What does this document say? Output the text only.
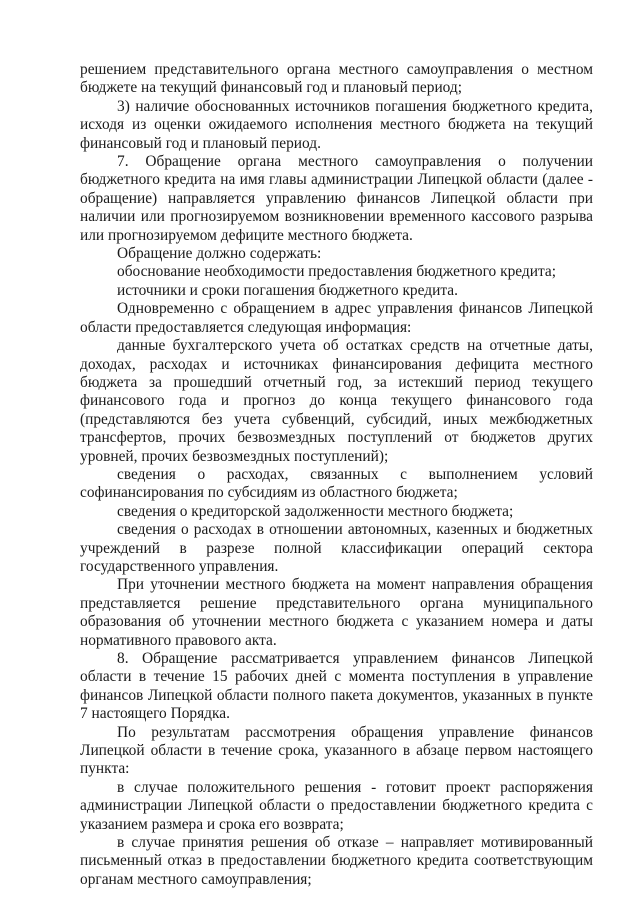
решением представительного органа местного самоуправления о местном бюджете на текущий финансовый год и плановый период;

3) наличие обоснованных источников погашения бюджетного кредита, исходя из оценки ожидаемого исполнения местного бюджета на текущий финансовый год и плановый период.

7. Обращение органа местного самоуправления о получении бюджетного кредита на имя главы администрации Липецкой области (далее - обращение) направляется управлению финансов Липецкой области при наличии или прогнозируемом возникновении временного кассового разрыва или прогнозируемом дефиците местного бюджета.

Обращение должно содержать:

обоснование необходимости предоставления бюджетного кредита;

источники и сроки погашения бюджетного кредита.

Одновременно с обращением в адрес управления финансов Липецкой области предоставляется следующая информация:

данные бухгалтерского учета об остатках средств на отчетные даты, доходах, расходах и источниках финансирования дефицита местного бюджета за прошедший отчетный год, за истекший период текущего финансового года и прогноз до конца текущего финансового года (представляются без учета субвенций, субсидий, иных межбюджетных трансфертов, прочих безвозмездных поступлений от бюджетов других уровней, прочих безвозмездных поступлений);

сведения о расходах, связанных с выполнением условий софинансирования по субсидиям из областного бюджета;

сведения о кредиторской задолженности местного бюджета;

сведения о расходах в отношении автономных, казенных и бюджетных учреждений в разрезе полной классификации операций сектора государственного управления.

При уточнении местного бюджета на момент направления обращения представляется решение представительного органа муниципального образования об уточнении местного бюджета с указанием номера и даты нормативного правового акта.

8. Обращение рассматривается управлением финансов Липецкой области в течение 15 рабочих дней с момента поступления в управление финансов Липецкой области полного пакета документов, указанных в пункте 7 настоящего Порядка.

По результатам рассмотрения обращения управление финансов Липецкой области в течение срока, указанного в абзаце первом настоящего пункта:

в случае положительного решения - готовит проект распоряжения администрации Липецкой области о предоставлении бюджетного кредита с указанием размера и срока его возврата;

в случае принятия решения об отказе – направляет мотивированный письменный отказ в предоставлении бюджетного кредита соответствующим органам местного самоуправления;
